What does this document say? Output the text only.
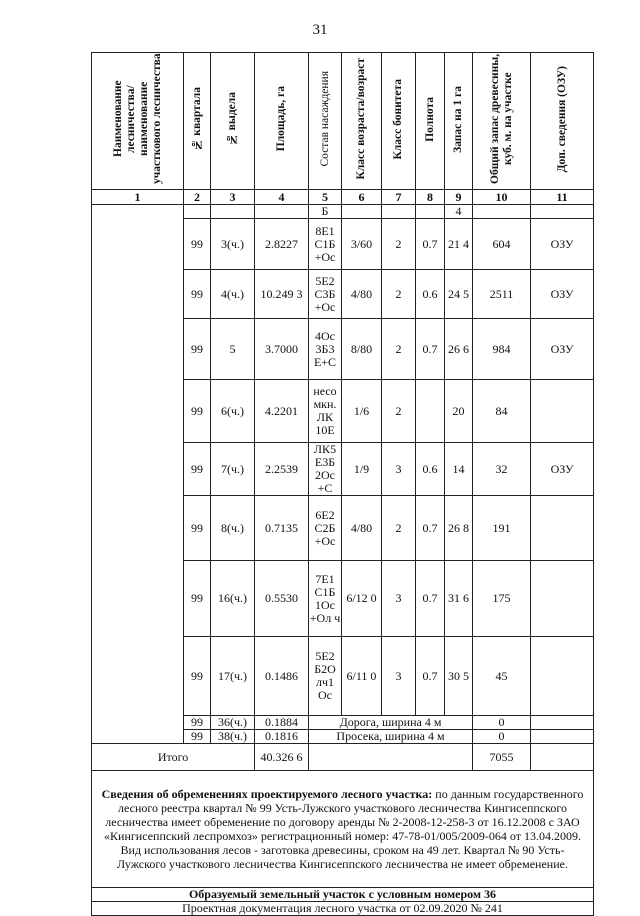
31
Наименование лесничества/ наименование участкового лесничества	№ квартала	№ выдела	Площадь, га	Состав насаждения	Класс возраста/возраст	Класс бонитета	Полнота	Запас на 1 га	Общий запас древесины, куб. м. на участке	Доп. сведения (ОЗУ)
1	2	3	4	5	6	7	8	9	10	11
				Б				4		
	99	3(ч.)	2.8227	8Е1 С1Б +Ос	3/60	2	0.7	21 4	604	ОЗУ
	99	4(ч.)	10.249 3	5Е2 С3Б +Ос	4/80	2	0.6	24 5	2511	ОЗУ
	99	5	3.7000	4Ос 3Б3 Е+С	8/80	2	0.7	26 6	984	ОЗУ
	99	6(ч.)	4.2201	несо мкн. ЛК 10Е	1/6	2		20	84	
	99	7(ч.)	2.2539	ЛК5 Е3Б 2Ос +С	1/9	3	0.6	14	32	ОЗУ
	99	8(ч.)	0.7135	6Е2 С2Б +Ос	4/80	2	0.7	26 8	191	
	99	16(ч.)	0.5530	7Е1 С1Б 1Ос +Ол ч	6/12 0	3	0.7	31 6	175	
	99	17(ч.)	0.1486	5Е2 Б2О лч1 Ос	6/11 0	3	0.7	30 5	45	
	99	36(ч.)	0.1884	Дорога, ширина 4 м					0	
	99	38(ч.)	0.1816	Просека, ширина 4 м					0	
Итого			40.326 6						7055	
Сведения об обременениях проектируемого лесного участка: по данным государственного лесного реестра квартал № 99 Усть-Лужского участкового лесничества Кингисеппского лесничества имеет обременение по договору аренды № 2-2008-12-258-3 от 16.12.2008 с ЗАО «Кингисеппский леспромхоз» регистрационный номер: 47-78-01/005/2009-064 от 13.04.2009. Вид использования лесов - заготовка древесины, сроком на 49 лет. Квартал № 90 Усть-Лужского участкового лесничества Кингисеппского лесничества не имеет обременение.										
Образуемый земельный участок с условным номером 36										
Проектная документация лесного участка от 02.09.2020 № 241										
